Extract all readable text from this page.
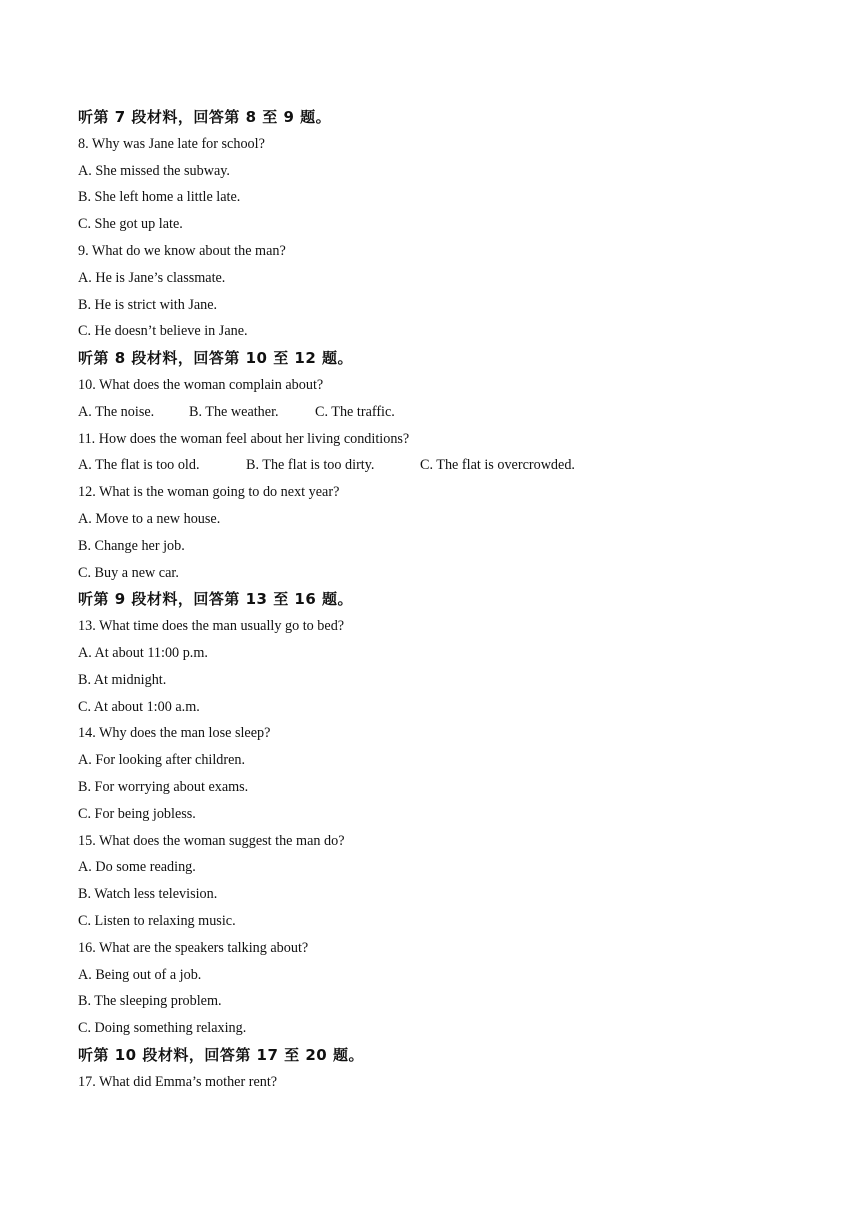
听第 7 段材料，回答第 8 至 9 题。
8. Why was Jane late for school?
A. She missed the subway.
B. She left home a little late.
C. She got up late.
9. What do we know about the man?
A. He is Jane’s classmate.
B. He is strict with Jane.
C. He doesn’t believe in Jane.
听第 8 段材料，回答第 10 至 12 题。
10. What does the woman complain about?
A. The noise. B. The weather.	C. The traffic.
11. How does the woman feel about her living conditions?
A. The flat is too old.	B. The flat is too dirty.	C. The flat is overcrowded.
12. What is the woman going to do next year?
A. Move to a new house.
B. Change her job.
C. Buy a new car.
听第 9 段材料，回答第 13 至 16 题。
13. What time does the man usually go to bed?
A. At about 11:00 p.m.
B. At midnight.
C. At about 1:00 a.m.
14. Why does the man lose sleep?
A. For looking after children.
B. For worrying about exams.
C. For being jobless.
15. What does the woman suggest the man do?
A. Do some reading.
B. Watch less television.
C. Listen to relaxing music.
16. What are the speakers talking about?
A. Being out of a job.
B. The sleeping problem.
C. Doing something relaxing.
听第 10 段材料，回答第 17 至 20 题。
17. What did Emma’s mother rent?
